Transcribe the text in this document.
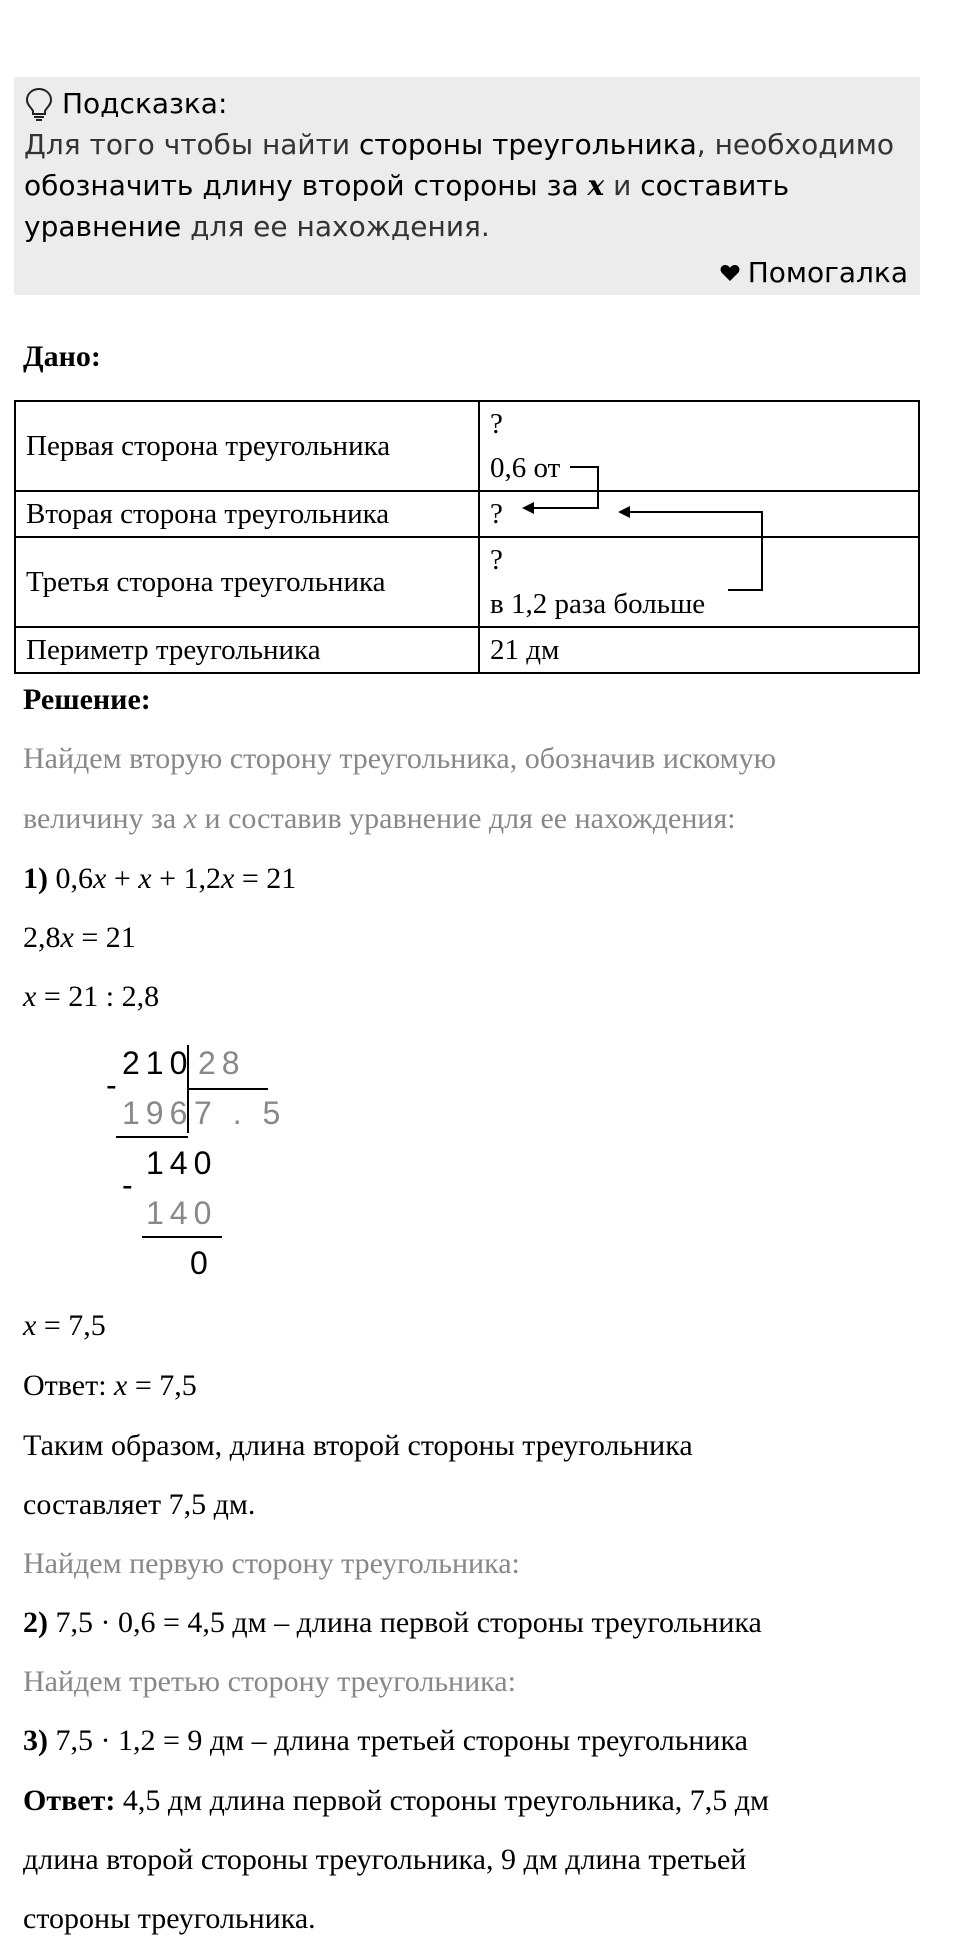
Подсказка:
Для того чтобы найти стороны треугольника, необходимо
обозначить длину второй стороны за x и составить
уравнение для ее нахождения.
Помогалка
Дано:
Первая сторона треугольника	?
0,6 от

Вторая сторона треугольника	?
Третья сторона треугольника	?
в 1,2 раза больше

Периметр треугольника	21 дм
Решение:
Найдем вторую сторону треугольника, обозначив искомую
величину за x и составив уравнение для ее нахождения:
1) 0,6x + x + 1,2x = 21
2,8x = 21
x = 21 : 2,8
210 28
-
196 7 . 5
140
-
140
0
x = 7,5
Ответ: x = 7,5
Таким образом, длина второй стороны треугольника
составляет 7,5 дм.
Найдем первую сторону треугольника:
2) 7,5 · 0,6 = 4,5 дм – длина первой стороны треугольника
Найдем третью сторону треугольника:
3) 7,5 · 1,2 = 9 дм – длина третьей стороны треугольника
Ответ: 4,5 дм длина первой стороны треугольника, 7,5 дм
длина второй стороны треугольника, 9 дм длина третьей
стороны треугольника.
